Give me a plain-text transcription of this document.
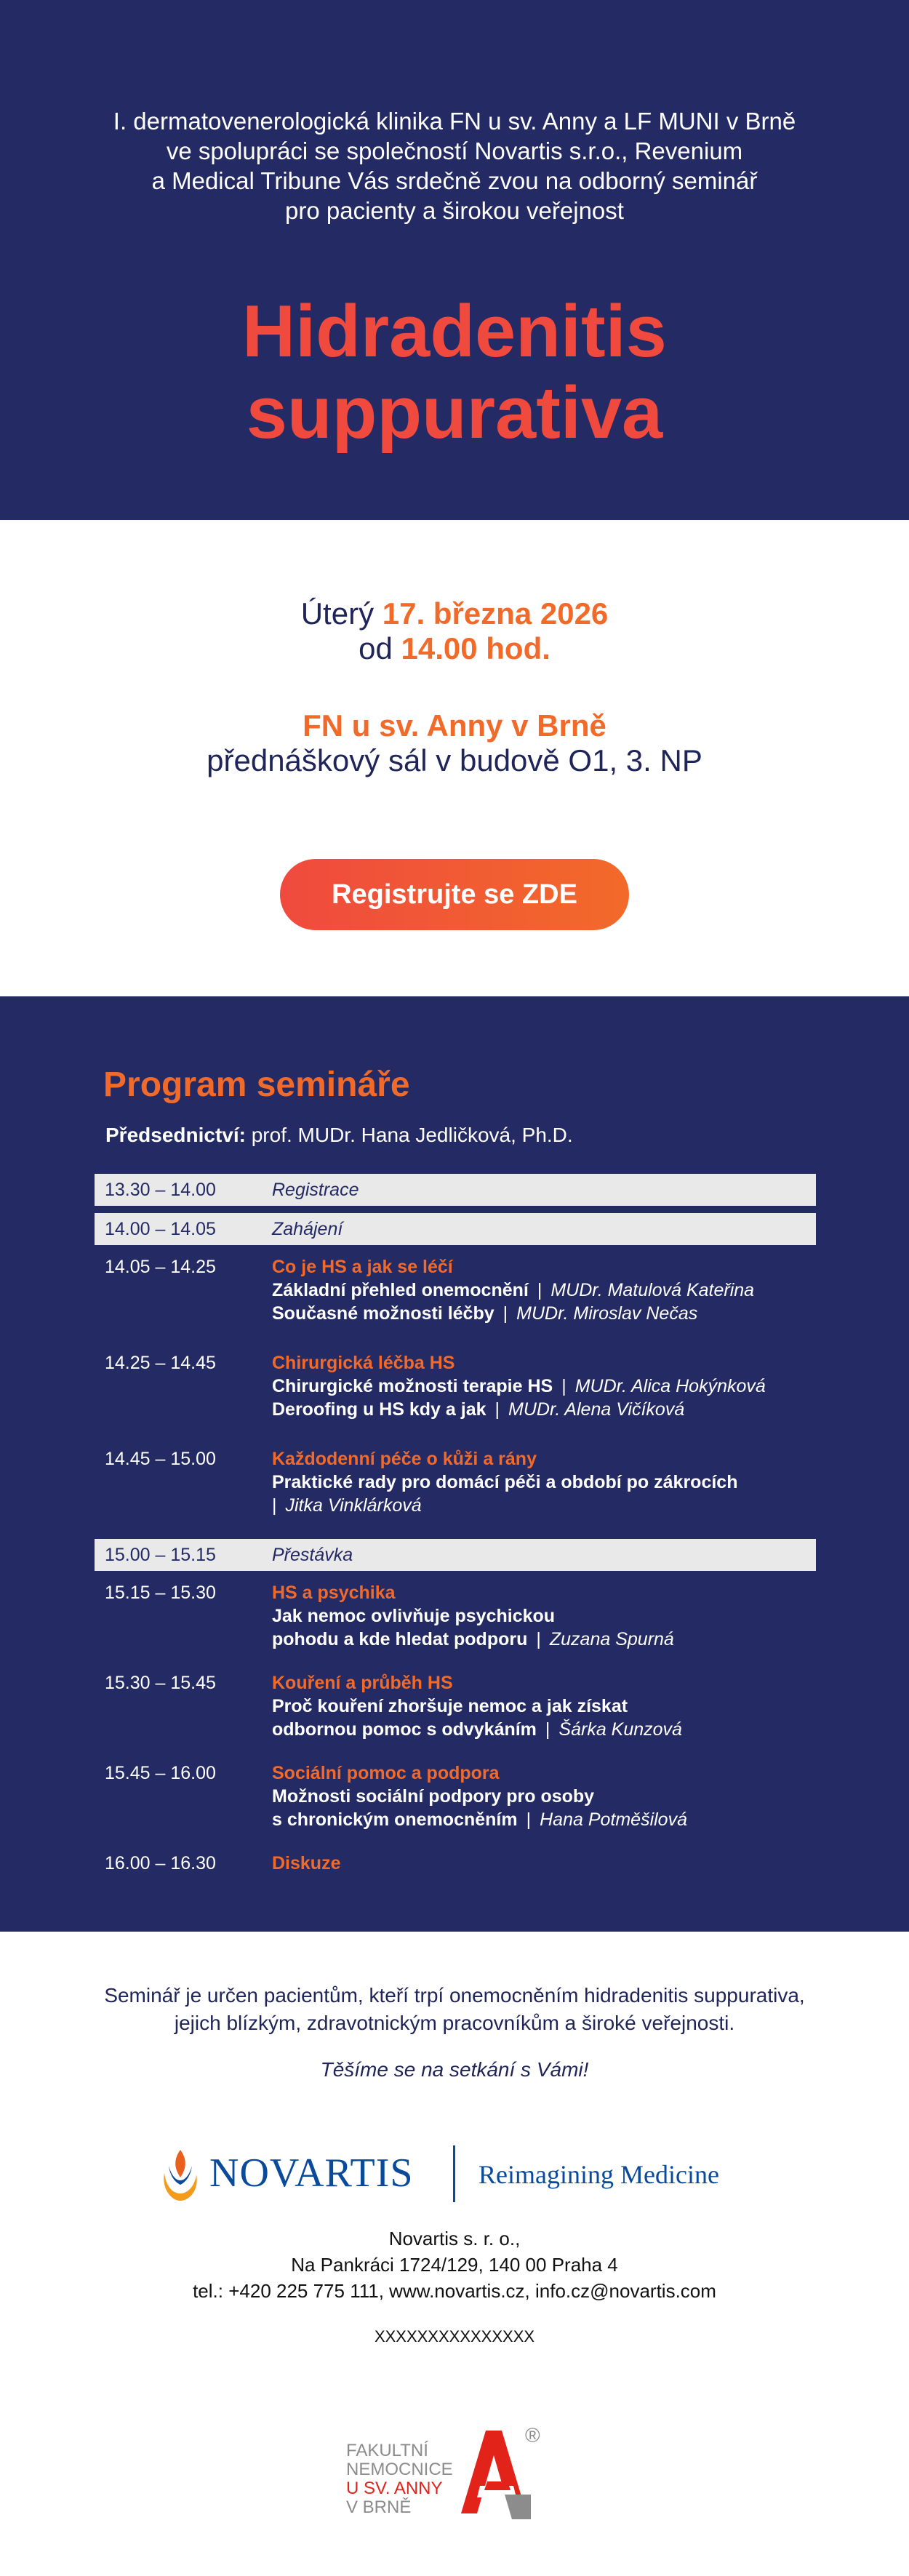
I. dermatovenerologická klinika FN u sv. Anny a LF MUNI v Brně
ve spolupráci se společností Novartis s.r.o., Revenium
a Medical Tribune Vás srdečně zvou na odborný seminář
pro pacienty a širokou veřejnost
Hidradenitis
suppurativa
Úterý 17. března 2026
od 14.00 hod.
FN u sv. Anny v Brně
přednáškový sál v budově O1, 3. NP
Registrujte se ZDE
Program semináře
Předsednictví: prof. MUDr. Hana Jedličková, Ph.D.
13.30 – 14.00	Registrace
14.00 – 14.05	Zahájení
14.05 – 14.25	Co je HS a jak se léčí
Základní přehled onemocnění | MUDr. Matulová Kateřina
Současné možnosti léčby | MUDr. Miroslav Nečas
14.25 – 14.45	Chirurgická léčba HS
Chirurgické možnosti terapie HS | MUDr. Alica Hokýnková
Deroofing u HS kdy a jak | MUDr. Alena Vičíková
14.45 – 15.00	Každodenní péče o kůži a rány
Praktické rady pro domácí péči a období po zákrocích
| Jitka Vinklárková
15.00 – 15.15	Přestávka
15.15 – 15.30	HS a psychika
Jak nemoc ovlivňuje psychickou
pohodu a kde hledat podporu | Zuzana Spurná
15.30 – 15.45	Kouření a průběh HS
Proč kouření zhoršuje nemoc a jak získat
odbornou pomoc s odvykáním | Šárka Kunzová
15.45 – 16.00	Sociální pomoc a podpora
Možnosti sociální podpory pro osoby
s chronickým onemocněním | Hana Potměšilová
16.00 – 16.30	Diskuze
Seminář je určen pacientům, kteří trpí onemocněním hidradenitis suppurativa,
jejich blízkým, zdravotnickým pracovníkům a široké veřejnosti.
Těšíme se na setkání s Vámi!
NOVARTIS Reimagining Medicine
Novartis s. r. o.,
Na Pankráci 1724/129, 140 00 Praha 4
tel.: +420 225 775 111, www.novartis.cz, info.cz@novartis.com
XXXXXXXXXXXXXXX
FAKULTNÍ
NEMOCNICE
U SV. ANNY
V BRNĚ
®
